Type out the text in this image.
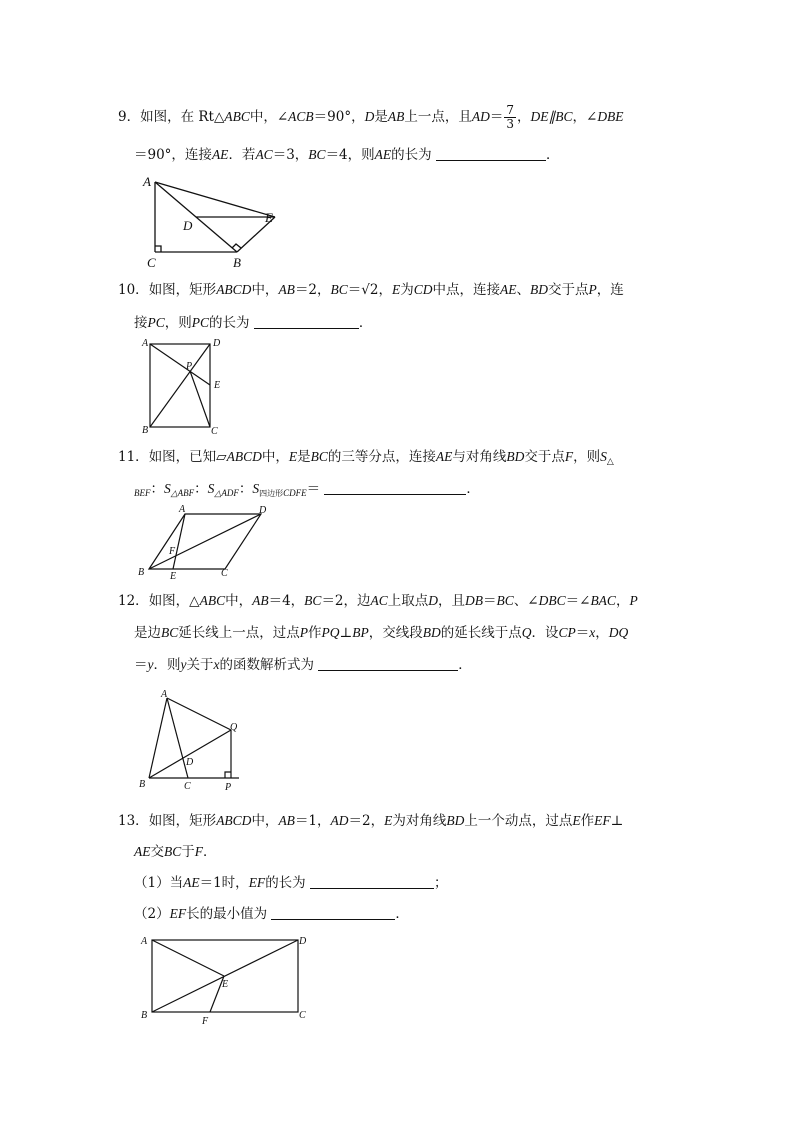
9．如图，在 Rt△ABC中，∠ACB＝90°，D是AB上一点，且$AD= \frac{7}{3}$ ，DE∥BC，∠DBE
＝90°，连接AE．若AC＝3，BC＝4，则AE的长为	．
A
D
E
C	B
10．如图，矩形ABCD中，AB＝2，BC＝√2，E为CD中点，连接AE、BD交于点P，连
接PC，则PC的长为	．
A	D
P
E
B	C
11．如图，已知▱ABCD中，E是BC的三等分点，连接AE与对角线BD交于点F，则$S_\triangle$
$_{BEF}$：$S_{\triangle ABF}$：$S_{\triangle ADF}$：$S_{四边形CDFE}=$	．
A	D
F
B	E	C
12．如图，△ABC中，AB＝4，BC＝2，边AC上取点D，且DB＝BC、∠DBC＝∠BAC，P
是边BC延长线上一点，过点P作PQ⊥BP，交线段BD的延长线于点Q．设CP＝x，DQ
＝y．则y关于x的函数解析式为	．
A
Q
D
B	C	P
13．如图，矩形ABCD中，AB＝1，AD＝2，E为对角线BD上一个动点，过点E作EF⊥
AE交BC于F．
（1）当AE＝1时，EF的长为	；
（2）EF长的最小值为	．
A	D
E
B
F
C
